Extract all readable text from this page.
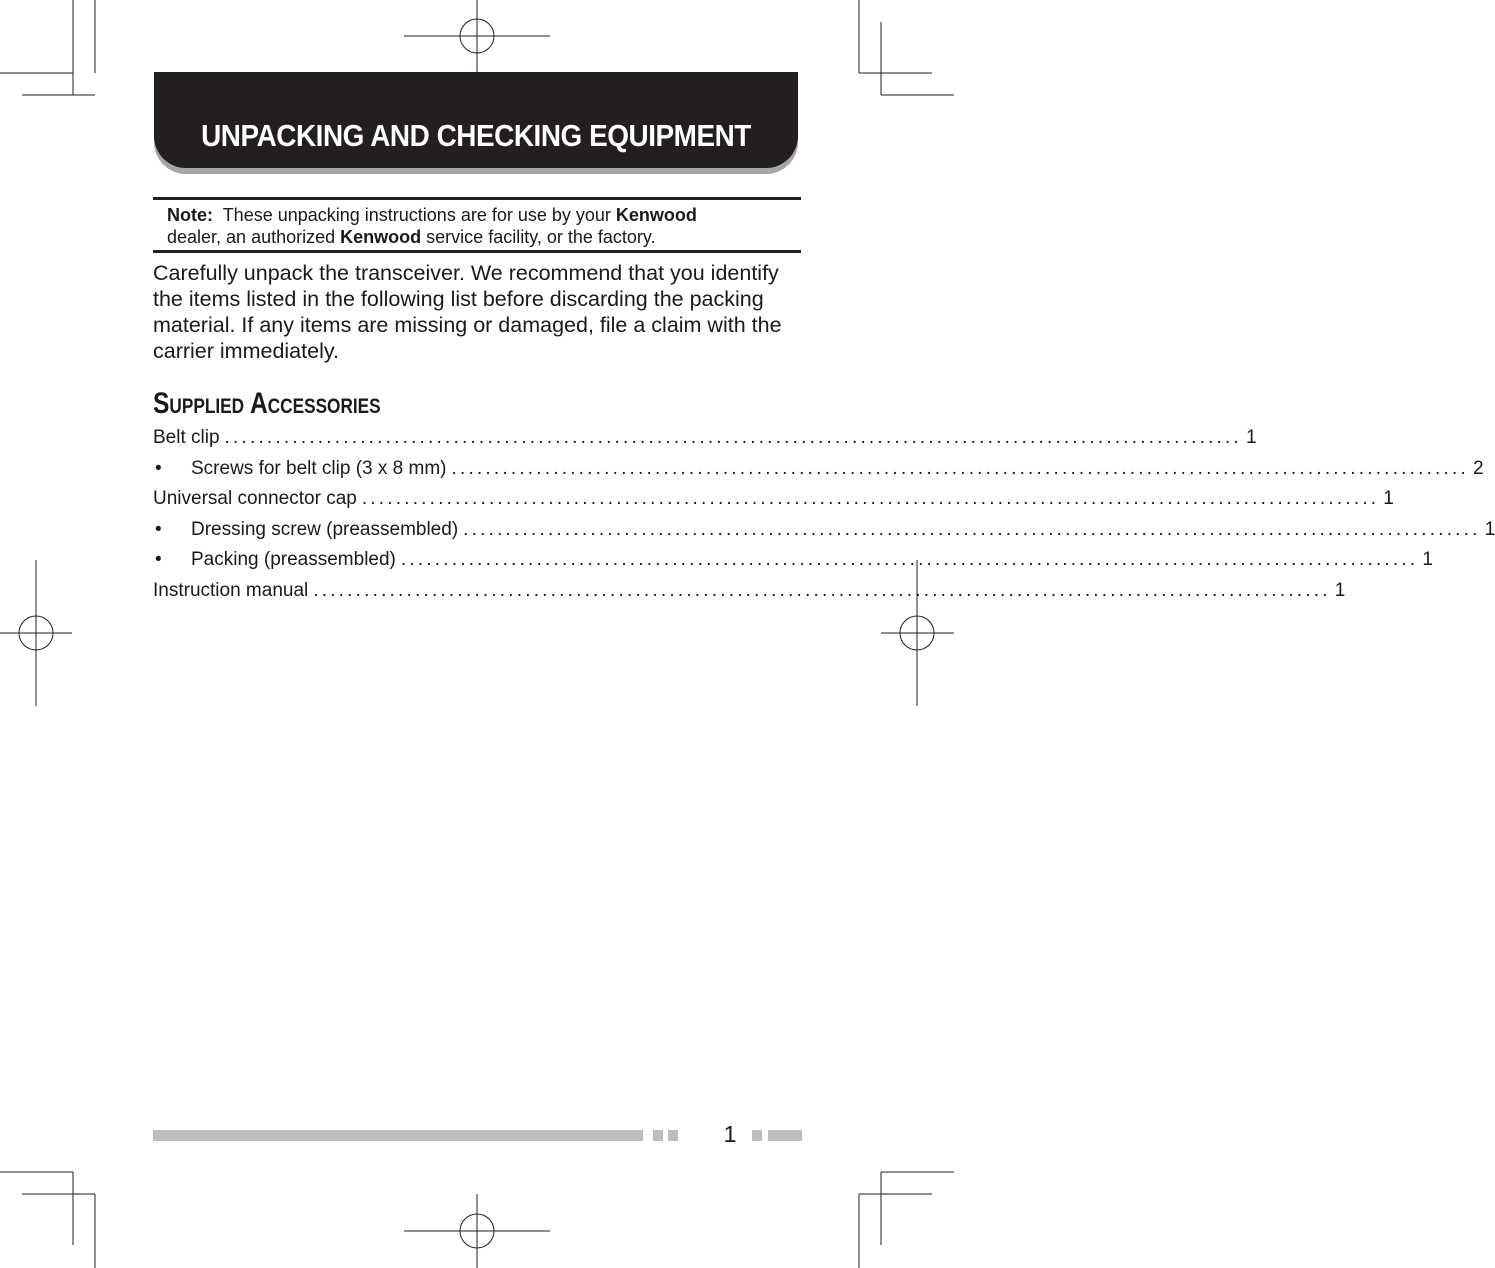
UNPACKING AND CHECKING EQUIPMENT
Note: These unpacking instructions are for use by your Kenwood
dealer, an authorized Kenwood service facility, or the factory.
Carefully unpack the transceiver. We recommend that you identify the items listed in the following list before discarding the packing material. If any items are missing or damaged, file a claim with the carrier immediately.
Supplied Accessories
Belt clip ........................................................................................................................ 1
•	Screws for belt clip (3 x 8 mm) ........................................................................................................................ 2
Universal connector cap ........................................................................................................................ 1
•	Dressing screw (preassembled) ........................................................................................................................ 1
•	Packing (preassembled) ........................................................................................................................ 1
Instruction manual ........................................................................................................................ 1
1
